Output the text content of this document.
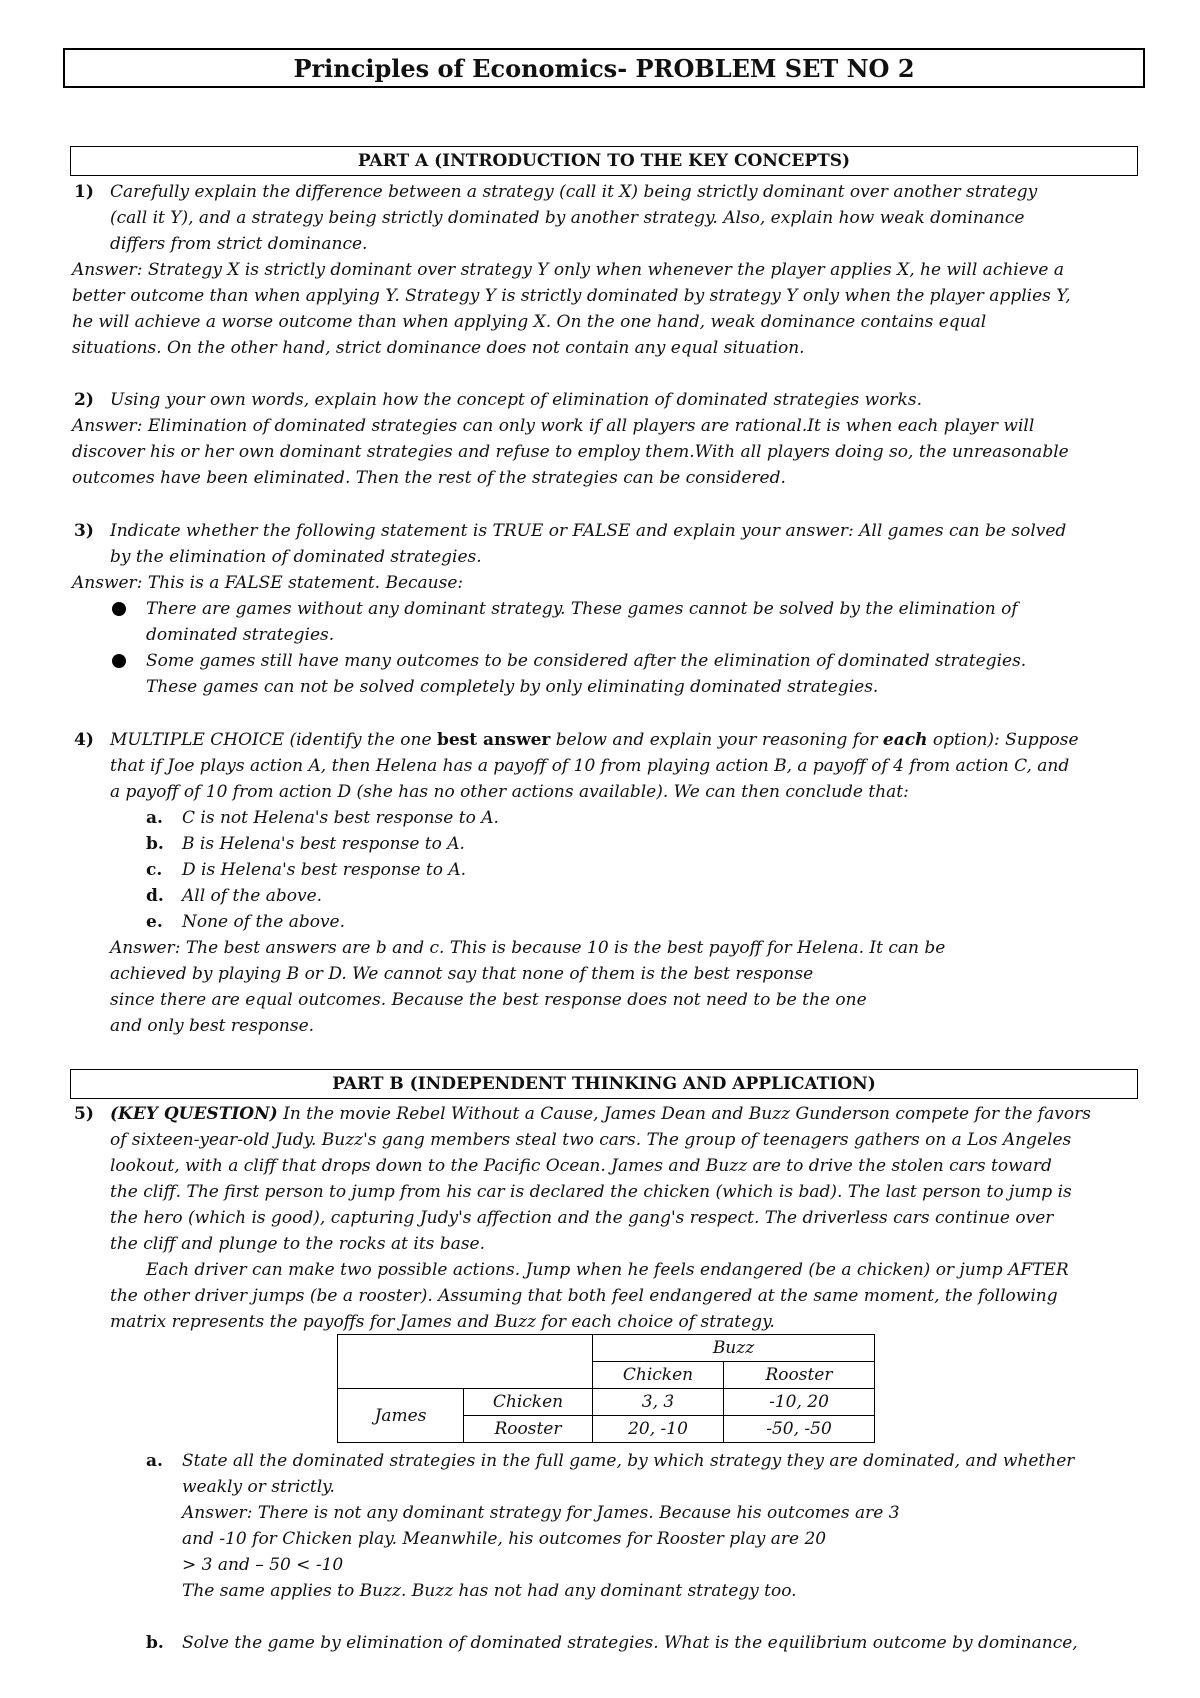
Principles of Economics- PROBLEM SET NO 2
PART A (INTRODUCTION TO THE KEY CONCEPTS)
1) Carefully explain the difference between a strategy (call it X) being strictly dominant over another strategy
(call it Y), and a strategy being strictly dominated by another strategy. Also, explain how weak dominance
differs from strict dominance.
Answer: Strategy X is strictly dominant over strategy Y only when whenever the player applies X, he will achieve a
better outcome than when applying Y. Strategy Y is strictly dominated by strategy Y only when the player applies Y,
he will achieve a worse outcome than when applying X. On the one hand, weak dominance contains equal
situations. On the other hand, strict dominance does not contain any equal situation.
2) Using your own words, explain how the concept of elimination of dominated strategies works.
Answer: Elimination of dominated strategies can only work if all players are rational.It is when each player will
discover his or her own dominant strategies and refuse to employ them.With all players doing so, the unreasonable
outcomes have been eliminated. Then the rest of the strategies can be considered.
3) Indicate whether the following statement is TRUE or FALSE and explain your answer: All games can be solved
by the elimination of dominated strategies.
Answer: This is a FALSE statement. Because:
There are games without any dominant strategy. These games cannot be solved by the elimination of
dominated strategies.
Some games still have many outcomes to be considered after the elimination of dominated strategies.
These games can not be solved completely by only eliminating dominated strategies.
4) MULTIPLE CHOICE (identify the one best answer below and explain your reasoning for each option): Suppose
that if Joe plays action A, then Helena has a payoff of 10 from playing action B, a payoff of 4 from action C, and
a payoff of 10 from action D (she has no other actions available). We can then conclude that:
a. C is not Helena's best response to A.
b. B is Helena's best response to A.
c. D is Helena's best response to A.
d. All of the above.
e. None of the above.
Answer: The best answers are b and c. This is because 10 is the best payoff for Helena. It can be
achieved by playing B or D. We cannot say that none of them is the best response
since there are equal outcomes. Because the best response does not need to be the one
and only best response.
PART B (INDEPENDENT THINKING AND APPLICATION)
5) (KEY QUESTION) In the movie Rebel Without a Cause, James Dean and Buzz Gunderson compete for the favors
of sixteen-year-old Judy. Buzz's gang members steal two cars. The group of teenagers gathers on a Los Angeles
lookout, with a cliff that drops down to the Pacific Ocean. James and Buzz are to drive the stolen cars toward
the cliff. The first person to jump from his car is declared the chicken (which is bad). The last person to jump is
the hero (which is good), capturing Judy's affection and the gang's respect. The driverless cars continue over
the cliff and plunge to the rocks at its base.
Each driver can make two possible actions. Jump when he feels endangered (be a chicken) or jump AFTER
the other driver jumps (be a rooster). Assuming that both feel endangered at the same moment, the following
matrix represents the payoffs for James and Buzz for each choice of strategy.
		Buzz	
		Chicken	Rooster
James	Chicken	3, 3	-10, 20
	Rooster	20, -10	-50, -50
a. State all the dominated strategies in the full game, by which strategy they are dominated, and whether
weakly or strictly.
Answer: There is not any dominant strategy for James. Because his outcomes are 3
and -10 for Chicken play. Meanwhile, his outcomes for Rooster play are 20
> 3 and – 50 < -10
The same applies to Buzz. Buzz has not had any dominant strategy too.
b. Solve the game by elimination of dominated strategies. What is the equilibrium outcome by dominance,
